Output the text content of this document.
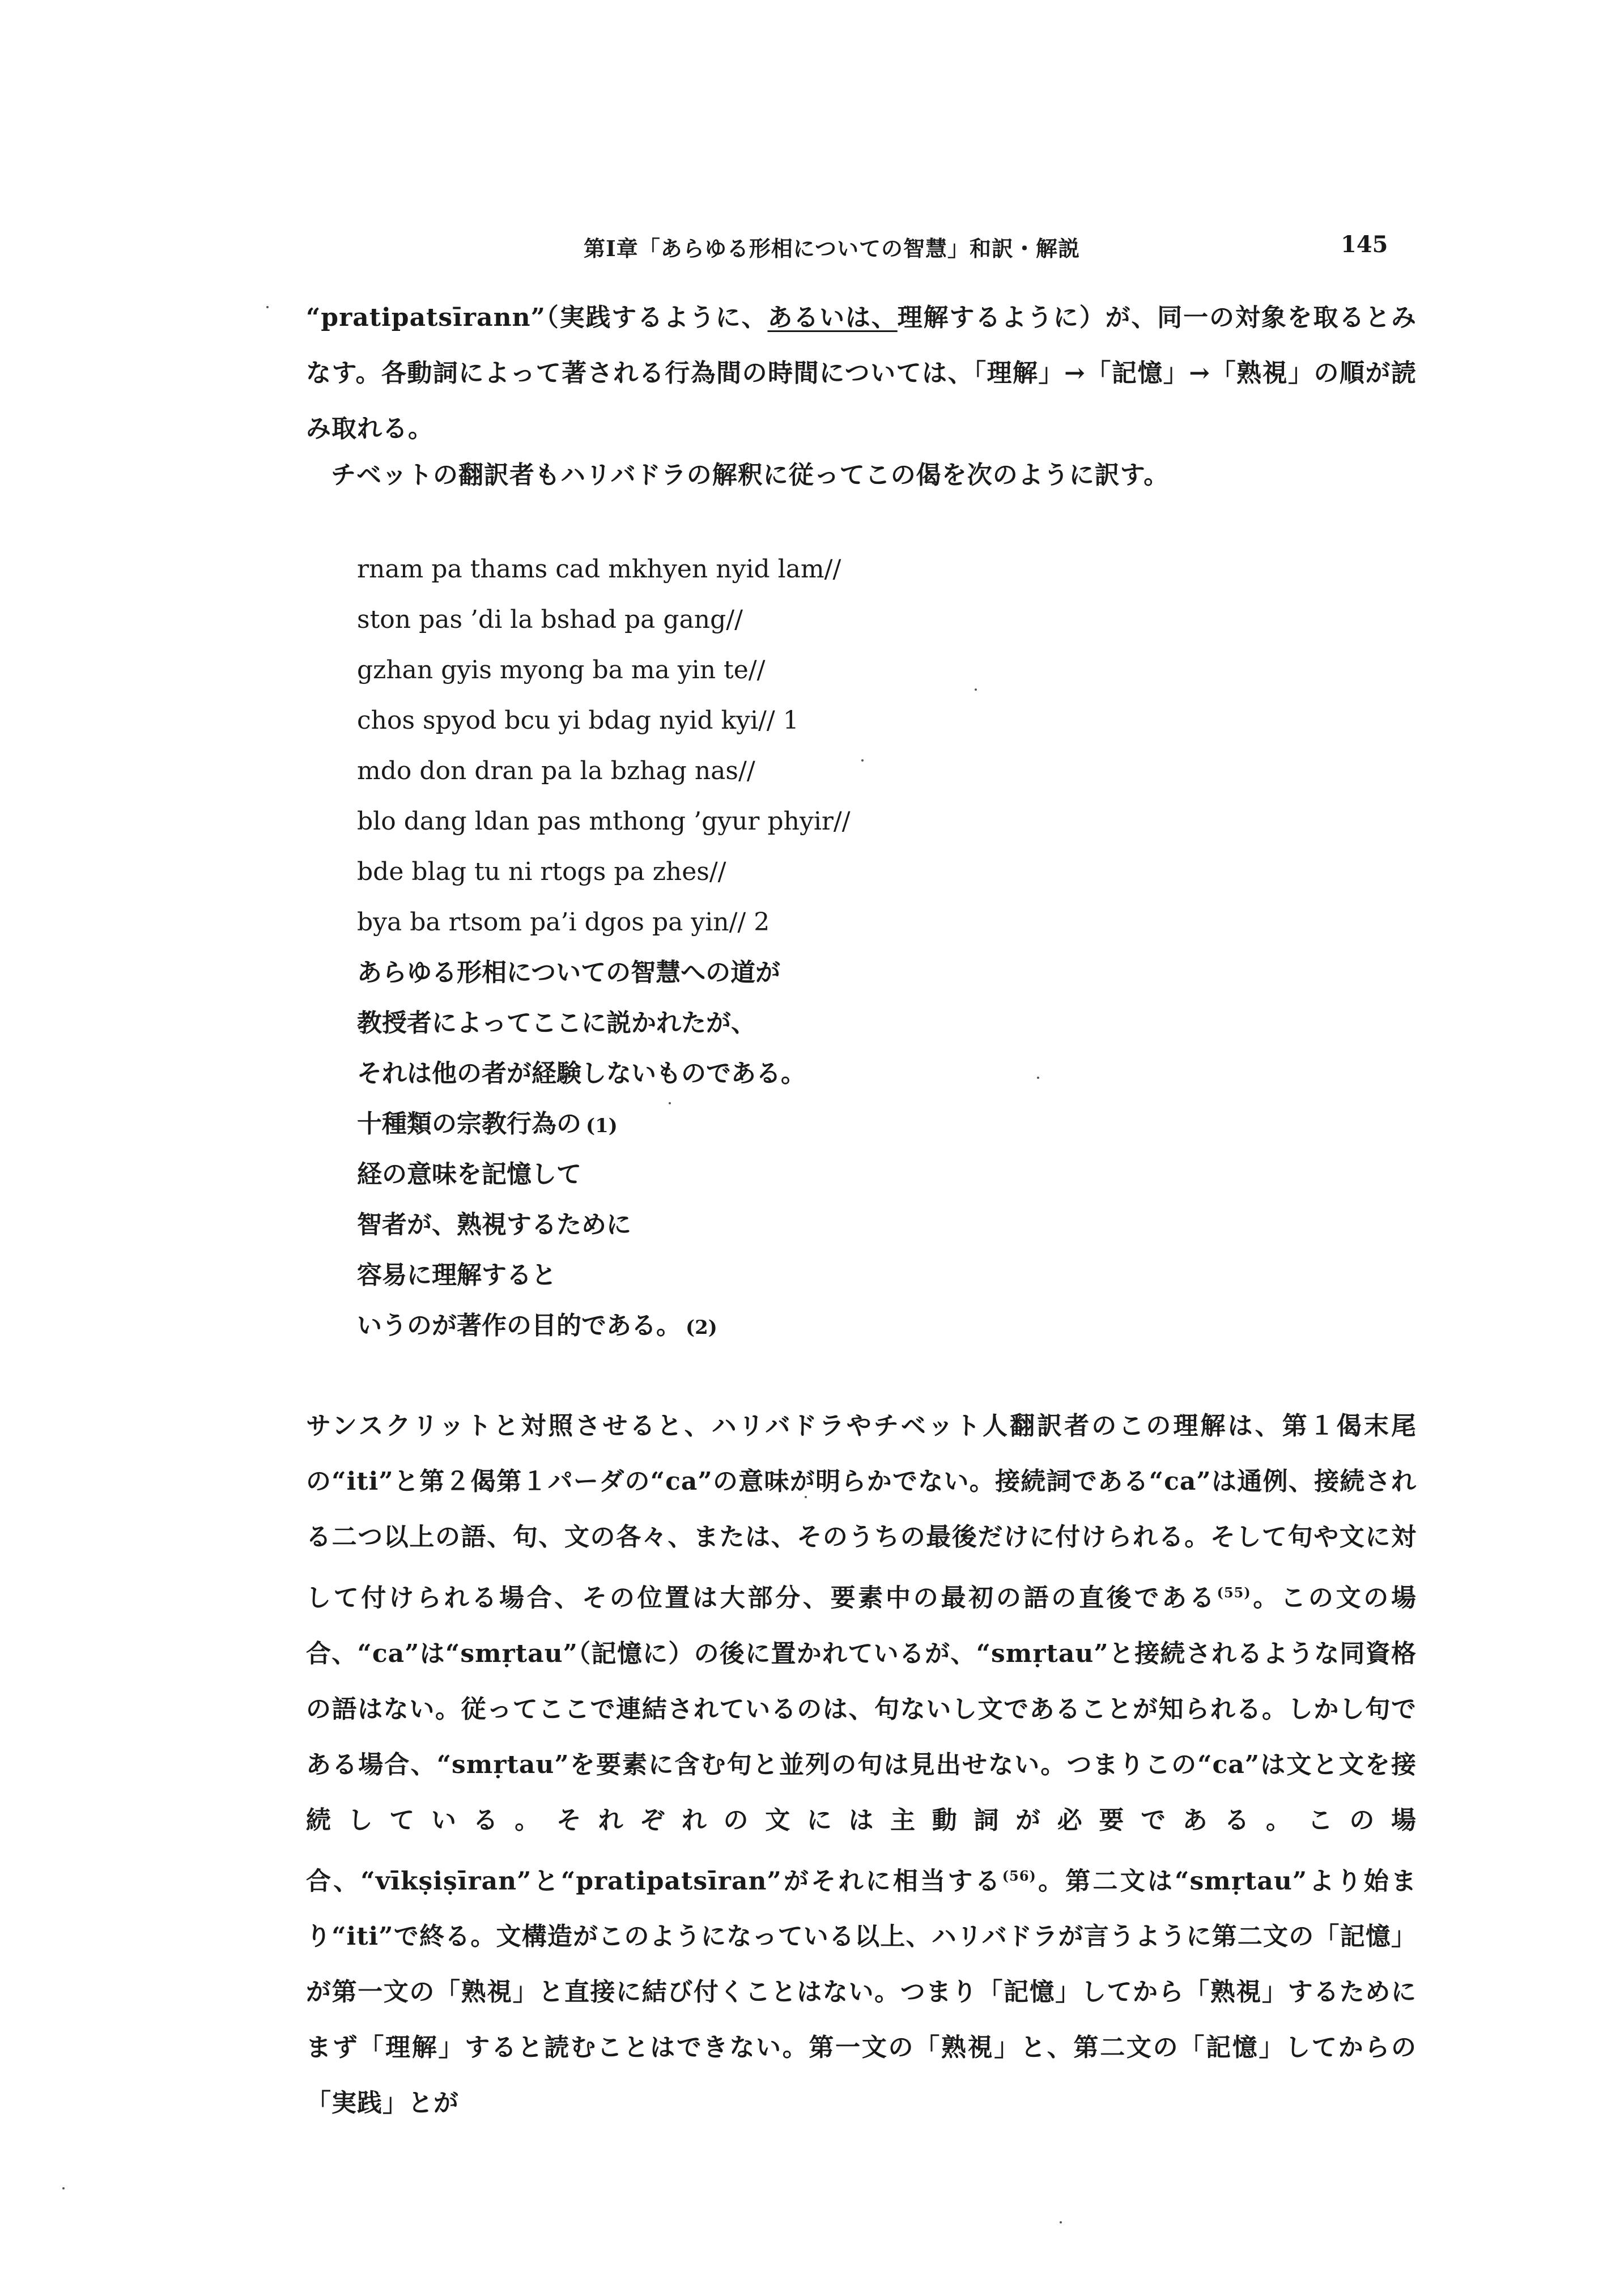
第Ⅰ章「あらゆる形相についての智慧」和訳・解説	145

“pratipatsīrann”（実践するように、あるいは、理解するように）が、同一の対象を取るとみなす。各動詞によって著される行為間の時間については、「理解」→「記憶」→「熟視」の順が読み取れる。

チベットの翻訳者もハリバドラの解釈に従ってこの偈を次のように訳す。

rnam pa thams cad mkhyen nyid lam//
ston pas ’di la bshad pa gang//
gzhan gyis myong ba ma yin te//
chos spyod bcu yi bdag nyid kyi// 1
mdo don dran pa la bzhag nas//
blo dang ldan pas mthong ’gyur phyir//
bde blag tu ni rtogs pa zhes//
bya ba rtsom pa’i dgos pa yin// 2
あらゆる形相についての智慧への道が
教授者によってここに説かれたが、
それは他の者が経験しないものである。
十種類の宗教行為の (1)
経の意味を記憶して
智者が、熟視するために
容易に理解すると
いうのが著作の目的である。 (2)

サンスクリットと対照させると、ハリバドラやチベット人翻訳者のこの理解は、第１偈末尾の“iti”と第２偈第１パーダの“ca”の意味が明らかでない。接続詞である“ca”は通例、接続される二つ以上の語、句、文の各々、または、そのうちの最後だけに付けられる。そして句や文に対して付けられる場合、その位置は大部分、要素中の最初の語の直後である$^{(55)}$。この文の場合、“ca”は“smṛtau”（記憶に）の後に置かれているが、“smṛtau”と接続されるような同資格の語はない。従ってここで連結されているのは、句ないし文であることが知られる。しかし句である場合、“smṛtau”を要素に含む句と並列の句は見出せない。つまりこの“ca”は文と文を接続している。それぞれの文には主動詞が必要である。この場合、“vīkṣiṣīran”と“pratipatsīran”がそれに相当する$^{(56)}$。第二文は“smṛtau”より始まり“iti”で終る。文構造がこのようになっている以上、ハリバドラが言うように第二文の「記憶」が第一文の「熟視」と直接に結び付くことはない。つまり「記憶」してから「熟視」するためにまず「理解」すると読むことはできない。第一文の「熟視」と、第二文の「記憶」してからの「実践」とが
